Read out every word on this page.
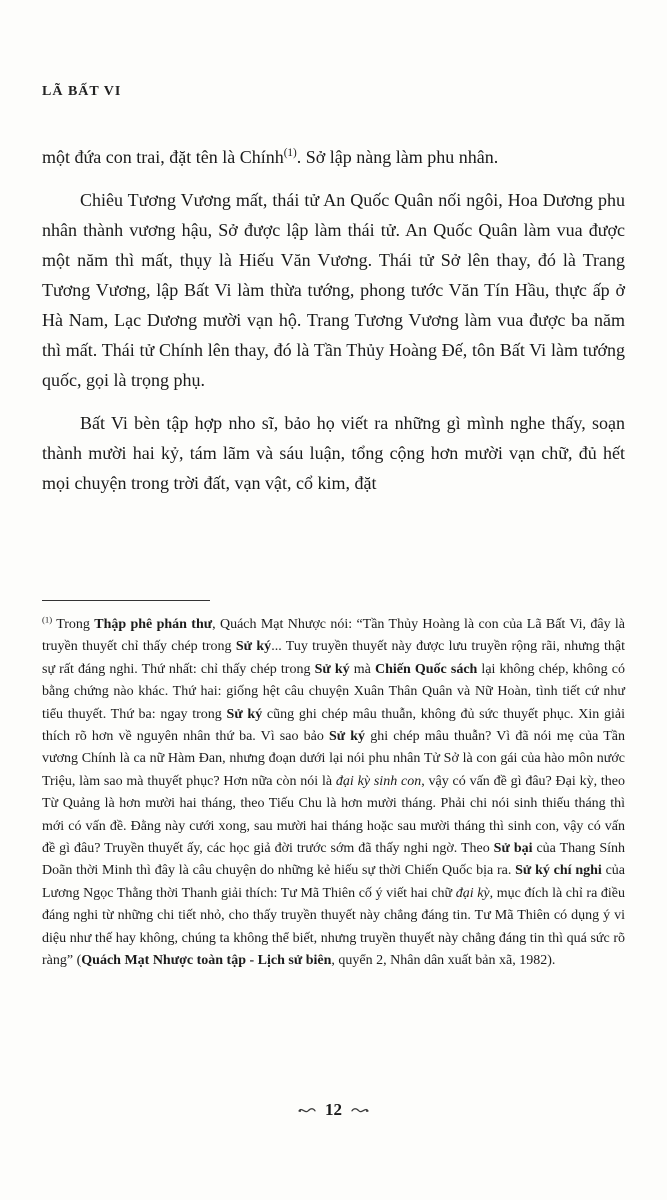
LÃ BẤT VI

một đứa con trai, đặt tên là Chính$^{(1)}$. Sở lập nàng làm phu nhân.

Chiêu Tương Vương mất, thái tử An Quốc Quân nối ngôi, Hoa Dương phu nhân thành vương hậu, Sở được lập làm thái tử. An Quốc Quân làm vua được một năm thì mất, thụy là Hiếu Văn Vương. Thái tử Sở lên thay, đó là Trang Tương Vương, lập Bất Vi làm thừa tướng, phong tước Văn Tín Hầu, thực ấp ở Hà Nam, Lạc Dương mười vạn hộ. Trang Tương Vương làm vua được ba năm thì mất. Thái tử Chính lên thay, đó là Tần Thủy Hoàng Đế, tôn Bất Vi làm tướng quốc, gọi là trọng phụ.

Bất Vi bèn tập hợp nho sĩ, bảo họ viết ra những gì mình nghe thấy, soạn thành mười hai kỷ, tám lãm và sáu luận, tổng cộng hơn mười vạn chữ, đủ hết mọi chuyện trong trời đất, vạn vật, cổ kim, đặt

$^{(1)}$ Trong Thập phê phán thư, Quách Mạt Nhược nói: “Tần Thủy Hoàng là con của Lã Bất Vi, đây là truyền thuyết chỉ thấy chép trong Sử ký... Tuy truyền thuyết này được lưu truyền rộng rãi, nhưng thật sự rất đáng nghi. Thứ nhất: chỉ thấy chép trong Sử ký mà Chiến Quốc sách lại không chép, không có bằng chứng nào khác. Thứ hai: giống hệt câu chuyện Xuân Thân Quân và Nữ Hoàn, tình tiết cứ như tiểu thuyết. Thứ ba: ngay trong Sử ký cũng ghi chép mâu thuẫn, không đủ sức thuyết phục. Xin giải thích rõ hơn về nguyên nhân thứ ba. Vì sao bảo Sử ký ghi chép mâu thuẫn? Vì đã nói mẹ của Tần vương Chính là ca nữ Hàm Đan, nhưng đoạn dưới lại nói phu nhân Tử Sở là con gái của hào môn nước Triệu, làm sao mà thuyết phục? Hơn nữa còn nói là đại kỳ sinh con, vậy có vấn đề gì đâu? Đại kỳ, theo Từ Quảng là hơn mười hai tháng, theo Tiếu Chu là hơn mười tháng. Phải chi nói sinh thiếu tháng thì mới có vấn đề. Đằng này cưới xong, sau mười hai tháng hoặc sau mười tháng thì sinh con, vậy có vấn đề gì đâu? Truyền thuyết ấy, các học giả đời trước sớm đã thấy nghi ngờ. Theo Sử bại của Thang Sính Doãn thời Minh thì đây là câu chuyện do những kẻ hiếu sự thời Chiến Quốc bịa ra. Sử ký chí nghi của Lương Ngọc Thằng thời Thanh giải thích: Tư Mã Thiên cố ý viết hai chữ đại kỳ, mục đích là chỉ ra điều đáng nghi từ những chi tiết nhỏ, cho thấy truyền thuyết này chẳng đáng tin. Tư Mã Thiên có dụng ý vi diệu như thế hay không, chúng ta không thể biết, nhưng truyền thuyết này chẳng đáng tin thì quá sức rõ ràng” (Quách Mạt Nhược toàn tập - Lịch sử biên, quyển 2, Nhân dân xuất bản xã, 1982).
12
